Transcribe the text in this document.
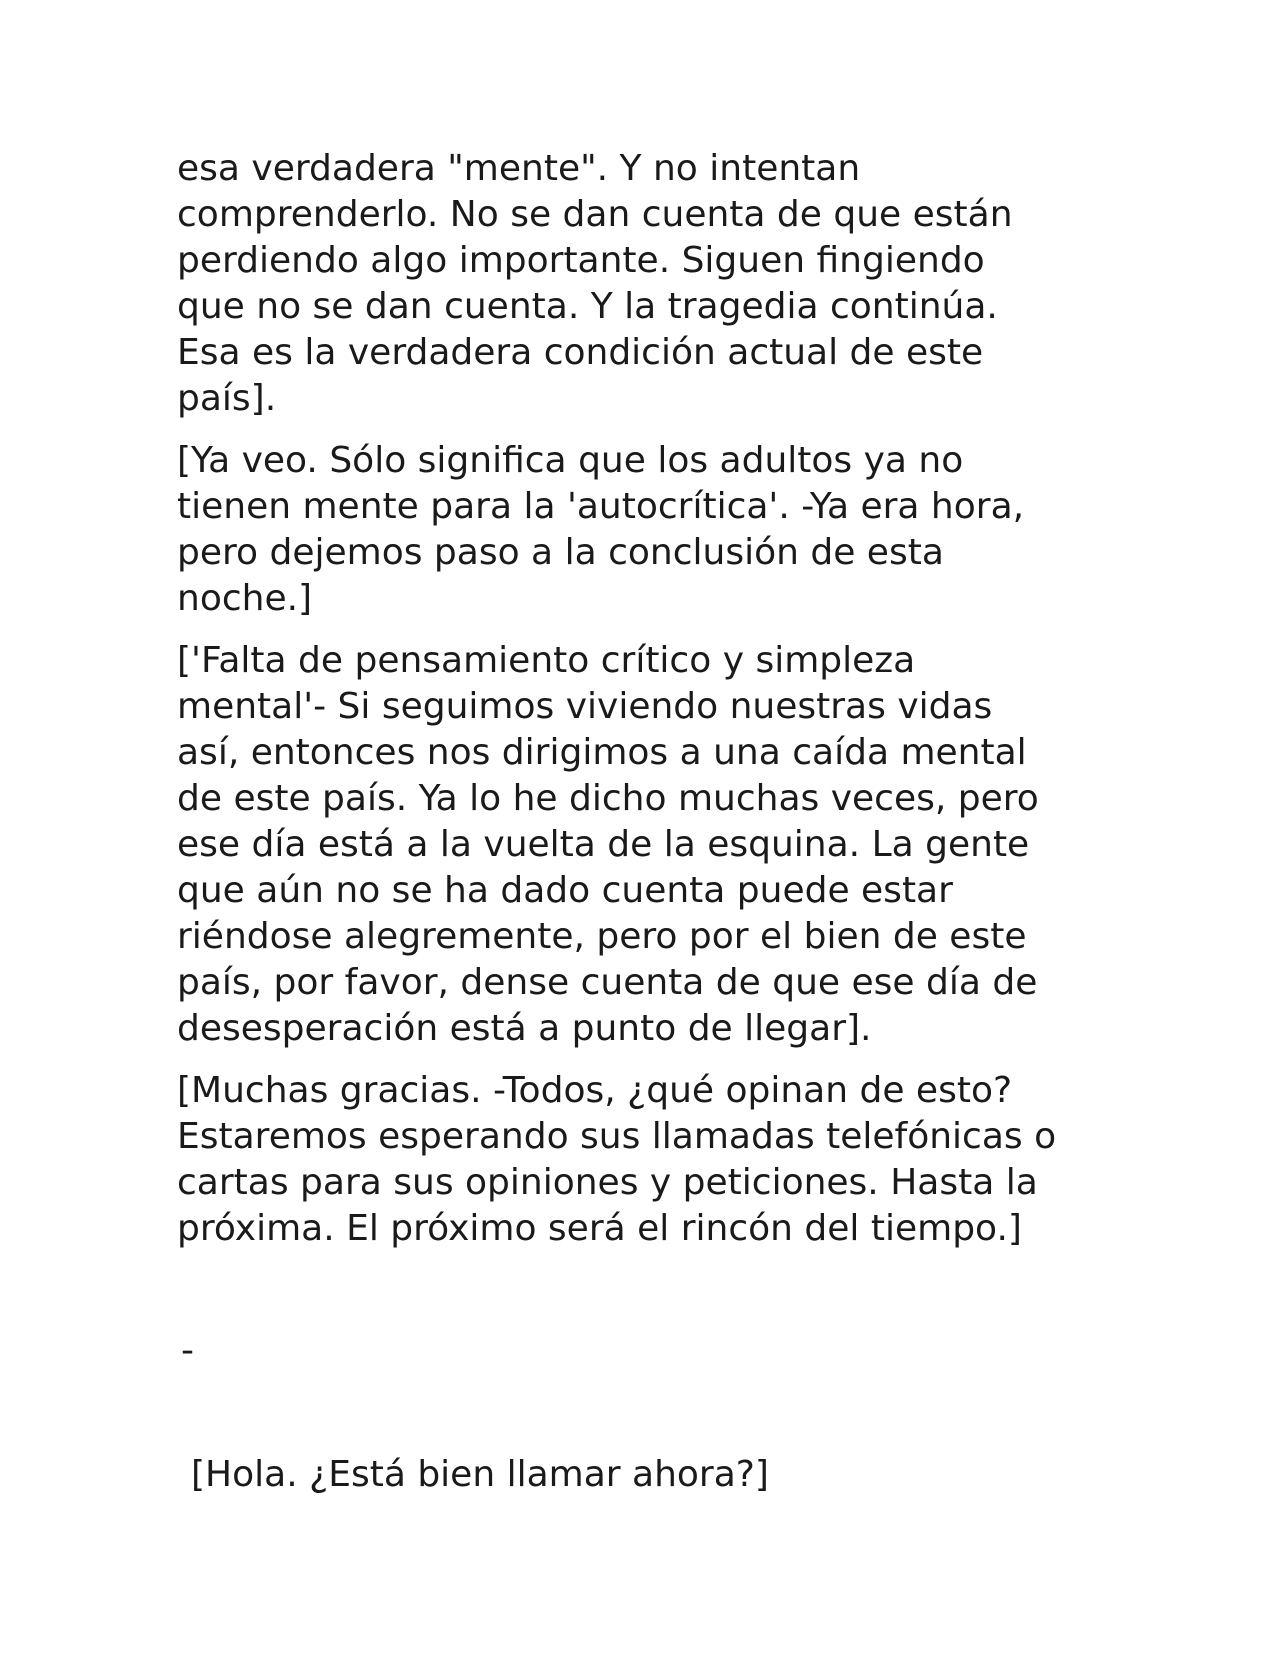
esa verdadera "mente". Y no intentan
comprenderlo. No se dan cuenta de que están
perdiendo algo importante. Siguen fingiendo
que no se dan cuenta. Y la tragedia continúa.
Esa es la verdadera condición actual de este
país].

[Ya veo. Sólo significa que los adultos ya no
tienen mente para la 'autocrítica'. -Ya era hora,
pero dejemos paso a la conclusión de esta
noche.]

['Falta de pensamiento crítico y simpleza
mental'- Si seguimos viviendo nuestras vidas
así, entonces nos dirigimos a una caída mental
de este país. Ya lo he dicho muchas veces, pero
ese día está a la vuelta de la esquina. La gente
que aún no se ha dado cuenta puede estar
riéndose alegremente, pero por el bien de este
país, por favor, dense cuenta de que ese día de
desesperación está a punto de llegar].

[Muchas gracias. -Todos, ¿qué opinan de esto?
Estaremos esperando sus llamadas telefónicas o
cartas para sus opiniones y peticiones. Hasta la
próxima. El próximo será el rincón del tiempo.]

-
[Hola. ¿Está bien llamar ahora?]
